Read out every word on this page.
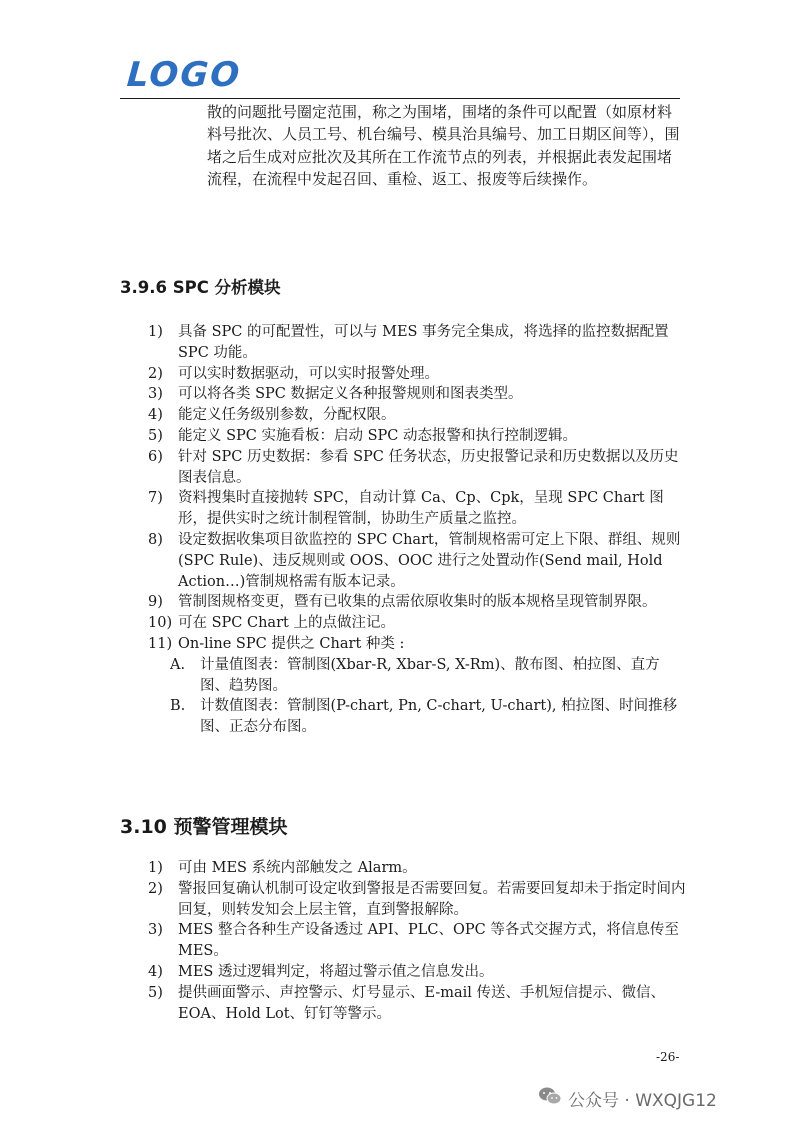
LOGO

散的问题批号圈定范围，称之为围堵，围堵的条件可以配置（如原材料料号批次、人员工号、机台编号、模具治具编号、加工日期区间等），围堵之后生成对应批次及其所在工作流节点的列表，并根据此表发起围堵流程，在流程中发起召回、重检、返工、报废等后续操作。

3.9.6 SPC 分析模块
1)	具备 SPC 的可配置性，可以与 MES 事务完全集成，将选择的监控数据配置 SPC 功能。
2)	可以实时数据驱动，可以实时报警处理。
3)	可以将各类 SPC 数据定义各种报警规则和图表类型。
4)	能定义任务级别参数，分配权限。
5)	能定义 SPC 实施看板：启动 SPC 动态报警和执行控制逻辑。
6)	针对 SPC 历史数据：参看 SPC 任务状态，历史报警记录和历史数据以及历史图表信息。
7)	资料搜集时直接抛转 SPC，自动计算 Ca、Cp、Cpk，呈现 SPC Chart 图形，提供实时之统计制程管制，协助生产质量之监控。
8)	设定数据收集项目欲监控的 SPC Chart，管制规格需可定上下限、群组、规则 (SPC Rule)、违反规则或 OOS、OOC 进行之处置动作(Send mail, Hold Action…)管制规格需有版本记录。
9)	管制图规格变更，暨有已收集的点需依原收集时的版本规格呈现管制界限。
10) 可在 SPC Chart 上的点做注记。
11) On-line SPC 提供之 Chart 种类 :
A.	计量值图表：管制图(Xbar-R, Xbar-S, X-Rm)、散布图、柏拉图、直方图、趋势图。
B.	计数值图表：管制图(P-chart, Pn, C-chart, U-chart), 柏拉图、时间推移图、正态分布图。
3.10 预警管理模块
1)	可由 MES 系统内部触发之 Alarm。
2)	警报回复确认机制可设定收到警报是否需要回复。若需要回复却未于指定时间内回复，则转发知会上层主管，直到警报解除。
3)	MES 整合各种生产设备透过 API、PLC、OPC 等各式交握方式，将信息传至 MES。
4)	MES 透过逻辑判定，将超过警示值之信息发出。
5)	提供画面警示、声控警示、灯号显示、E-mail 传送、手机短信提示、微信、EOA、Hold Lot、钉钉等警示。
-26-
公众号 · WXQJG12
